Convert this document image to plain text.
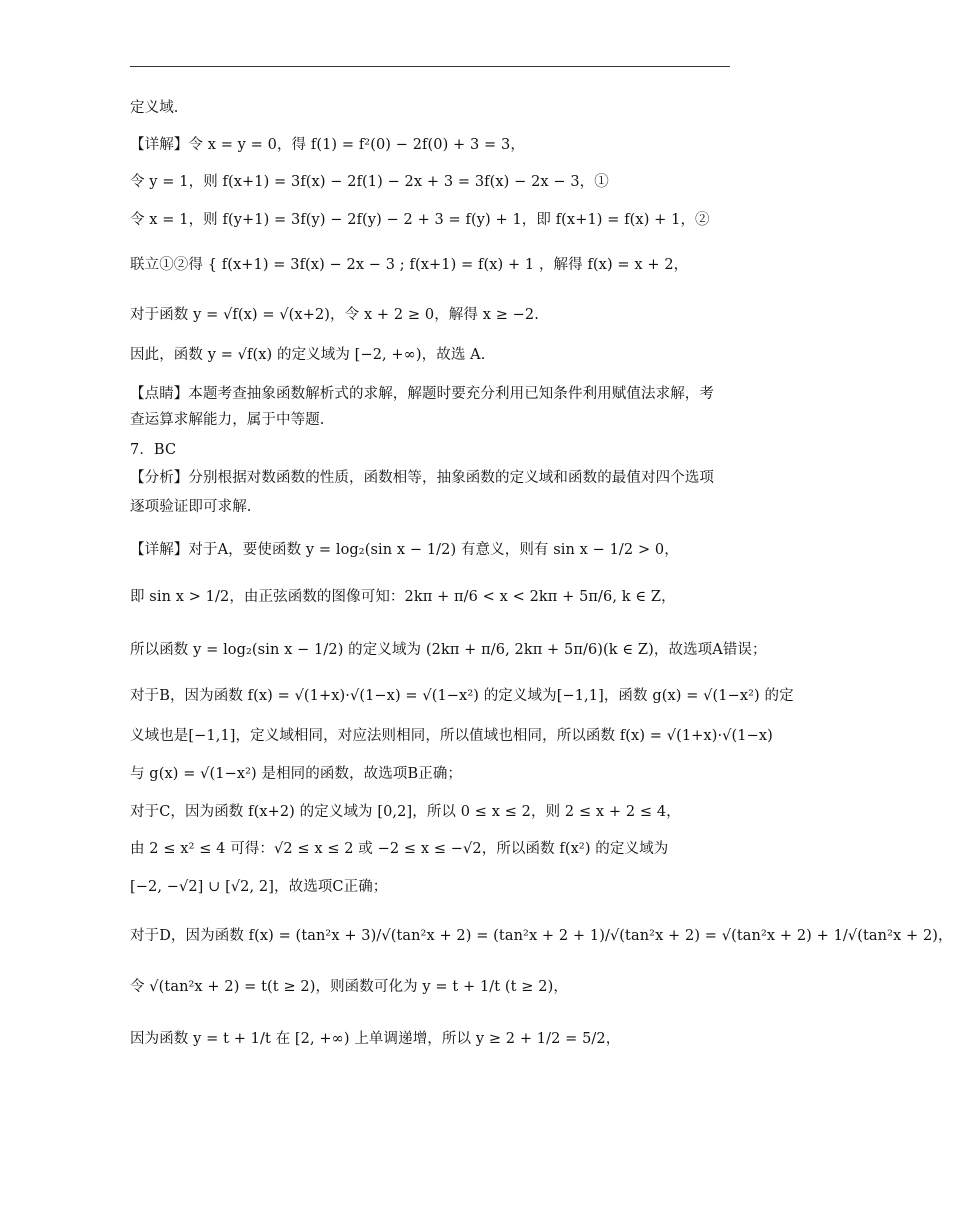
定义域.
【详解】令 x = y = 0，得 f(1) = f²(0) − 2f(0) + 3 = 3，
令 y = 1，则 f(x+1) = 3f(x) − 2f(1) − 2x + 3 = 3f(x) − 2x − 3，①
令 x = 1，则 f(y+1) = 3f(y) − 2f(y) − 2 + 3 = f(y) + 1，即 f(x+1) = f(x) + 1，②
联立①②得 { f(x+1) = 3f(x) − 2x − 3 ; f(x+1) = f(x) + 1 ，解得 f(x) = x + 2，
对于函数 y = √f(x) = √(x+2)，令 x + 2 ≥ 0，解得 x ≥ −2.
因此，函数 y = √f(x) 的定义域为 [−2, +∞)，故选 A.
【点睛】本题考查抽象函数解析式的求解，解题时要充分利用已知条件利用赋值法求解，考
查运算求解能力，属于中等题.
7．BC
【分析】分别根据对数函数的性质，函数相等，抽象函数的定义域和函数的最值对四个选项
逐项验证即可求解.
【详解】对于A，要使函数 y = log₂(sin x − 1/2) 有意义，则有 sin x − 1/2 > 0，
即 sin x > 1/2，由正弦函数的图像可知：2kπ + π/6 < x < 2kπ + 5π/6, k ∈ Z，
所以函数 y = log₂(sin x − 1/2) 的定义域为 (2kπ + π/6, 2kπ + 5π/6)(k ∈ Z)，故选项A错误；
对于B，因为函数 f(x) = √(1+x)·√(1−x) = √(1−x²) 的定义域为[−1,1]，函数 g(x) = √(1−x²) 的定
义域也是[−1,1]，定义域相同，对应法则相同，所以值域也相同，所以函数 f(x) = √(1+x)·√(1−x)
与 g(x) = √(1−x²) 是相同的函数，故选项B正确；
对于C，因为函数 f(x+2) 的定义域为 [0,2]，所以 0 ≤ x ≤ 2，则 2 ≤ x + 2 ≤ 4，
由 2 ≤ x² ≤ 4 可得：√2 ≤ x ≤ 2 或 −2 ≤ x ≤ −√2，所以函数 f(x²) 的定义域为
[−2, −√2] ∪ [√2, 2]，故选项C正确；
对于D，因为函数 f(x) = (tan²x + 3)/√(tan²x + 2) = (tan²x + 2 + 1)/√(tan²x + 2) = √(tan²x + 2) + 1/√(tan²x + 2)，
令 √(tan²x + 2) = t(t ≥ 2)，则函数可化为 y = t + 1/t (t ≥ 2)，
因为函数 y = t + 1/t 在 [2, +∞) 上单调递增，所以 y ≥ 2 + 1/2 = 5/2，
